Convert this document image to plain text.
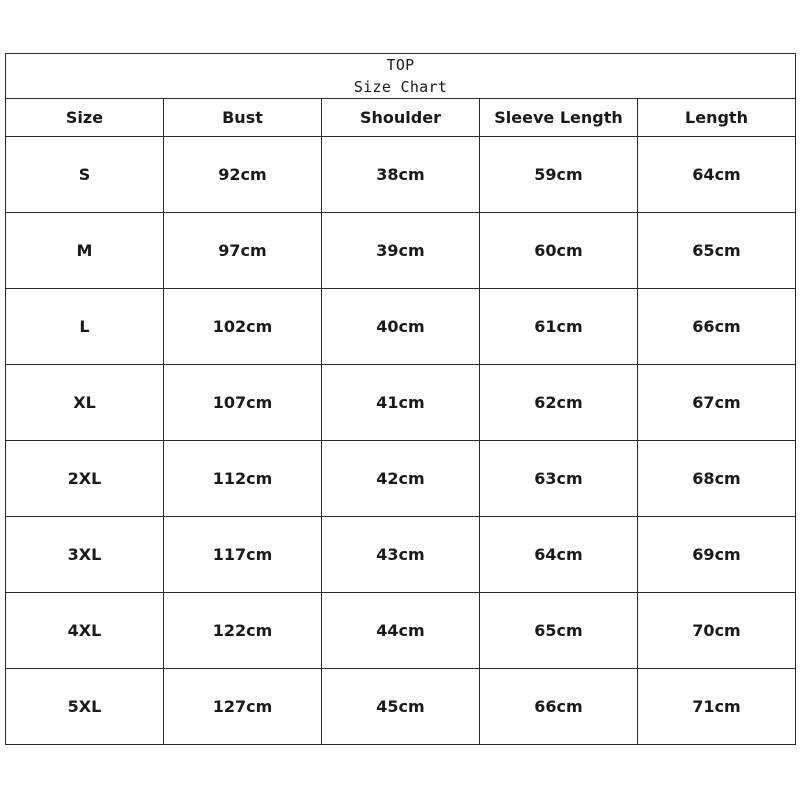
TOP
Size Chart				

Size	Bust	Shoulder	Sleeve Length	Length
S	92cm	38cm	59cm	64cm
M	97cm	39cm	60cm	65cm
L	102cm	40cm	61cm	66cm
XL	107cm	41cm	62cm	67cm
2XL	112cm	42cm	63cm	68cm
3XL	117cm	43cm	64cm	69cm
4XL	122cm	44cm	65cm	70cm
5XL	127cm	45cm	66cm	71cm
